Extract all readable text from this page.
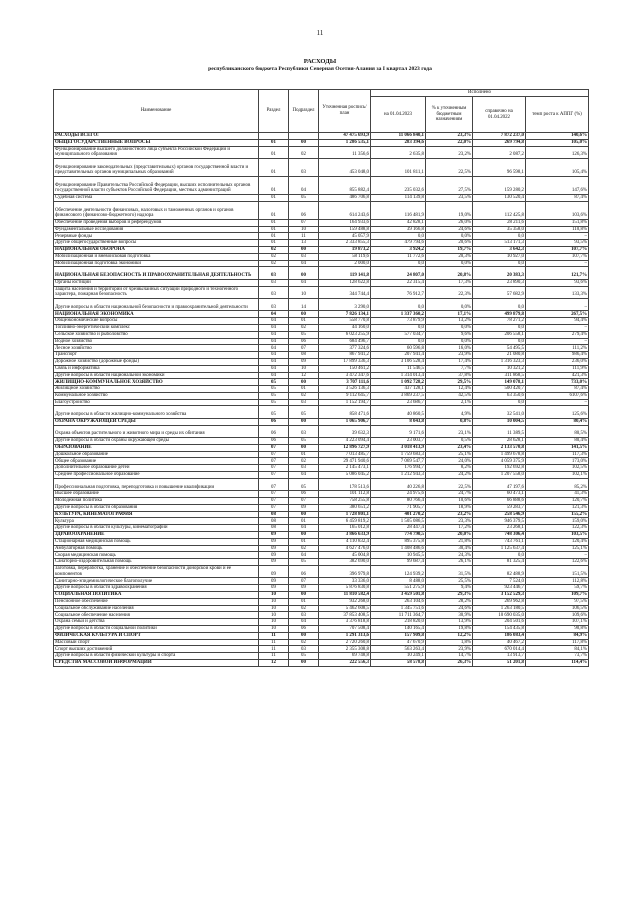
11
РАСХОДЫ
республиканского бюджета Республики Северная Осетия-Алания за I квартал 2023 года
Наименование	Раздел	Подраздел	Уточненная роспись/план	Исполнено			
				на 01.04.2023	% к уточненным бюджетным назначениям	справочно на 01.04.2022	темп роста к АППГ (%)
РАСХОДЫ ВСЕГО:			47 475 693,9	11 066 840,1	23,3%	7 872 237,0	140,6%
ОБЩЕГОСУДАРСТВЕННЫЕ ВОПРОСЫ	01	00	1 286 535,1	283 394,6	22,0%	269 794,8	105,0%
Функционирование высшего должностного лица субъекта Российской Федерации и муниципального образования	01	02	11 356,6	2 635,8	23,2%	2 087,2	126,3%
Функционирование законодательных (представительных) органов государственной власти и представительных органов муниципальных образований	01	03	453 048,0	101 811,1	22,5%	96 598,1	105,4%
Функционирование Правительства Российской Федерации, высших исполнительных органов государственной власти субъектов Российской Федерации, местных администраций	01	04	855 882,4	235 032,6	27,5%	159 280,2	147,6%
Судебная система	01	05	486 706,8	114 139,8	23,5%	130 520,4	87,4%
Обеспечение деятельности финансовых, налоговых и таможенных органов и органов финансового (финансово-бюджетного) надзора	01	06	614 243,6	116 481,9	19,0%	112 425,8	103,6%
Обеспечение проведения выборов и референдумов	01	07	164 933,6	42 828,1	26,0%	28 211,6	151,8%
Фундаментальные исследования	01	10	159 488,8	39 166,8	24,6%	35 358,0	110,8%
Резервные фонды	01	11	45 057,9	0,0	0,0%	0,0	–
Другие общегосударственные вопросы	01	13	2 333 855,3	479 794,6	20,6%	513 171,3	93,5%
НАЦИОНАЛЬНАЯ ОБОРОНА	02	00	19 873,2	3 924,2	19,7%	3 642,3	107,7%
Мобилизационная и вневойсковая подготовка	02	03	58 119,6	11 772,6	20,3%	10 927,0	107,7%
Мобилизационная подготовка экономики	02	04	2 000,0	0,0	0,0%	0,0	–
НАЦИОНАЛЬНАЯ БЕЗОПАСНОСТЬ И ПРАВООХРАНИТЕЛЬНАЯ ДЕЯТЕЛЬНОСТЬ	03	00	119 141,8	24 807,0	20,8%	20 383,3	121,7%
Органы юстиции	03	04	128 622,8	22 315,4	17,3%	23 890,3	93,6%
Защита населения и территории от чрезвычайных ситуаций природного и техногенного характера, пожарная безопасность	03	10	344 744,4	76 912,7	22,3%	57 682,9	133,3%
Другие вопросы в области национальной безопасности и правоохранительной деятельности	03	14	3 290,0	0,0	0,0%	0,0	–
НАЦИОНАЛЬНАЯ ЭКОНОМИКА	04	00	7 826 134,1	1 337 360,2	17,1%	499 879,8	267,5%
Общеэкономические вопросы	04	01	558 770,8	73 879,9	13,2%	78 271,2	94,4%
Топливно-энергетический комплекс	04	02	44 160,0	0,0	0,0%	0,0	–
Сельское хозяйство и рыболовство	04	05	6 023 255,9	577 034,7	9,6%	206 558,1	279,4%
Водное хозяйство	04	06	684 496,7	0,0	0,0%	0,0	–
Лесное хозяйство	04	07	377 324,6	60 596,8	16,0%	54 495,5	111,2%
Транспорт	04	08	867 941,2	207 941,4	23,9%	21 080,8	986,4%
Дорожное хозяйство (дорожные фонды)	04	09	17 899 336,3	3 106 528,4	17,4%	1 316 323,3	236,0%
Связь и информатика	04	10	150 461,2	11 546,5	7,7%	10 321,2	111,9%
Другие вопросы в области национальной экономики	04	12	3 472 347,6	1 314 013,4	37,8%	311 868,5	421,3%
ЖИЛИЩНО-КОММУНАЛЬНОЕ ХОЗЯЙСТВО	05	00	3 707 111,6	1 092 728,2	29,5%	149 078,1	733,0%
Жилищное хозяйство	05	01	3 526 136,3	437 128,1	12,4%	500 420,7	87,4%
Коммунальное хозяйство	05	02	9 112 645,7	3 869 237,5	42,5%	63 350,6	6107,6%
Благоустройство	05	03	1 152 194,7	23 686,7	2,1%	0,0	–
Другие вопросы в области жилищно-коммунального хозяйства	05	05	858 471,6	40 860,5	4,9%	32 541,0	125,6%
ОХРАНА ОКРУЖАЮЩЕЙ СРЕДЫ	06	00	1 065 906,7	8 043,8	0,8%	10 004,5	80,4%
Охрана объектов растительного и животного мира и среды их обитания	06	03	39 632,3	9 171,6	23,1%	11 389,5	80,5%
Другие вопросы в области охраны окружающей среды	06	05	4 223 094,4	23 003,7	0,5%	28 628,1	80,4%
ОБРАЗОВАНИЕ	07	00	12 896 727,9	3 018 413,9	23,4%	2 133 570,8	141,5%
Дошкольное образование	07	01	7 013 485,7	1 759 683,3	25,1%	1 499 678,8	117,3%
Общее образование	07	02	29 471 940,6	7 069 547,7	24,0%	4 059 375,9	173,0%
Дополнительное образование детей	07	03	2 145 473,1	176 994,7	8,2%	192 692,8	102,5%
Среднее профессиональное образование	07	04	5 086 045,2	1 212 943,3	24,2%	1 207 558,0	102,1%
Профессиональная подготовка, переподготовка и повышение квалификации	07	05	178 513,6	40 226,8	22,5%	47 197,6	85,2%
Высшее образование	07	06	101 112,8	24 975,6	24,7%	60 473,1	41,3%
Молодежная политика	07	07	758 255,8	80 766,4	10,6%	66 888,6	120,7%
Другие вопросы в области образования	07	09	380 651,2	71 905,7	18,9%	59 283,7	121,3%
КУЛЬТУРА, КИНЕМАТОГРАФИЯ	08	00	1 728 801,1	401 270,2	23,2%	258 546,9	155,2%
Культура	08	01	6 459 819,2	1 505 086,5	23,3%	946 379,5	159,0%
Другие вопросы в области культуры, кинематографии	08	04	165 012,8	28 447,4	17,2%	23 268,1	122,3%
ЗДРАВООХРАНЕНИЕ	09	00	3 866 633,9	774 790,5	20,0%	748 306,4	103,5%
Стационарная медицинская помощь	09	01	4 110 832,4	895 375,8	21,8%	743 761,1	120,4%
Амбулаторная помощь	09	02	4 627 476,0	1 408 486,6	30,4%	1 125 637,4	125,1%
Скорая медицинская помощь	09	04	45 004,8	10 945,5	24,3%	0,0	–
Санаторно-оздоровительная помощь	09	05	382 690,0	99 687,4	26,1%	81 325,4	122,6%
Заготовка, переработка, хранение и обеспечение безопасности донорской крови и ее компонентов	09	06	396 979,8	124 939,2	31,5%	82 488,9	151,5%
Санитарно-эпидемиологическое благополучие	09	07	33 336,0	8 488,0	25,5%	7 524,0	112,8%
Другие вопросы в области здравоохранения	09	09	5 876 830,8	551 275,9	9,4%	923 446,7	59,7%
СОЦИАЛЬНАЯ ПОЛИТИКА	10	00	11 810 582,4	3 459 501,8	29,3%	3 152 529,3	109,7%
Пенсионное обеспечение	10	01	932 268,0	263 104,6	28,2%	269 962,8	97,5%
Социальное обслуживание населения	10	02	5 462 608,5	1 345 751,6	24,6%	1 263 180,5	106,5%
Социальное обеспечение населения	10	03	37 853 408,5	11 711 364,7	30,9%	10 690 035,0	109,6%
Охрана семьи и детства	10	04	3 376 818,8	218 820,0	13,9%	204 501,6	107,1%
Другие вопросы в области социальной политики	10	06	707 508,4	140 165,4	19,8%	154 435,8	90,8%
ФИЗИЧЕСКАЯ КУЛЬТУРА И СПОРТ	11	00	1 291 313,6	157 909,8	12,2%	186 083,4	84,9%
Массовый спорт	11	02	2 720 260,8	47 670,9	1,8%	40 467,2	117,8%
Спорт высших достижений	11	03	2 355 308,8	563 263,4	23,9%	670 014,4	84,1%
Другие вопросы в области физической культуры и спорта	11	05	69 748,8	10 249,1	14,7%	13 913,7	73,7%
СРЕДСТВА МАССОВОЙ ИНФОРМАЦИИ	12	00	222 556,3	58 578,8	26,3%	51 201,8	114,4%
